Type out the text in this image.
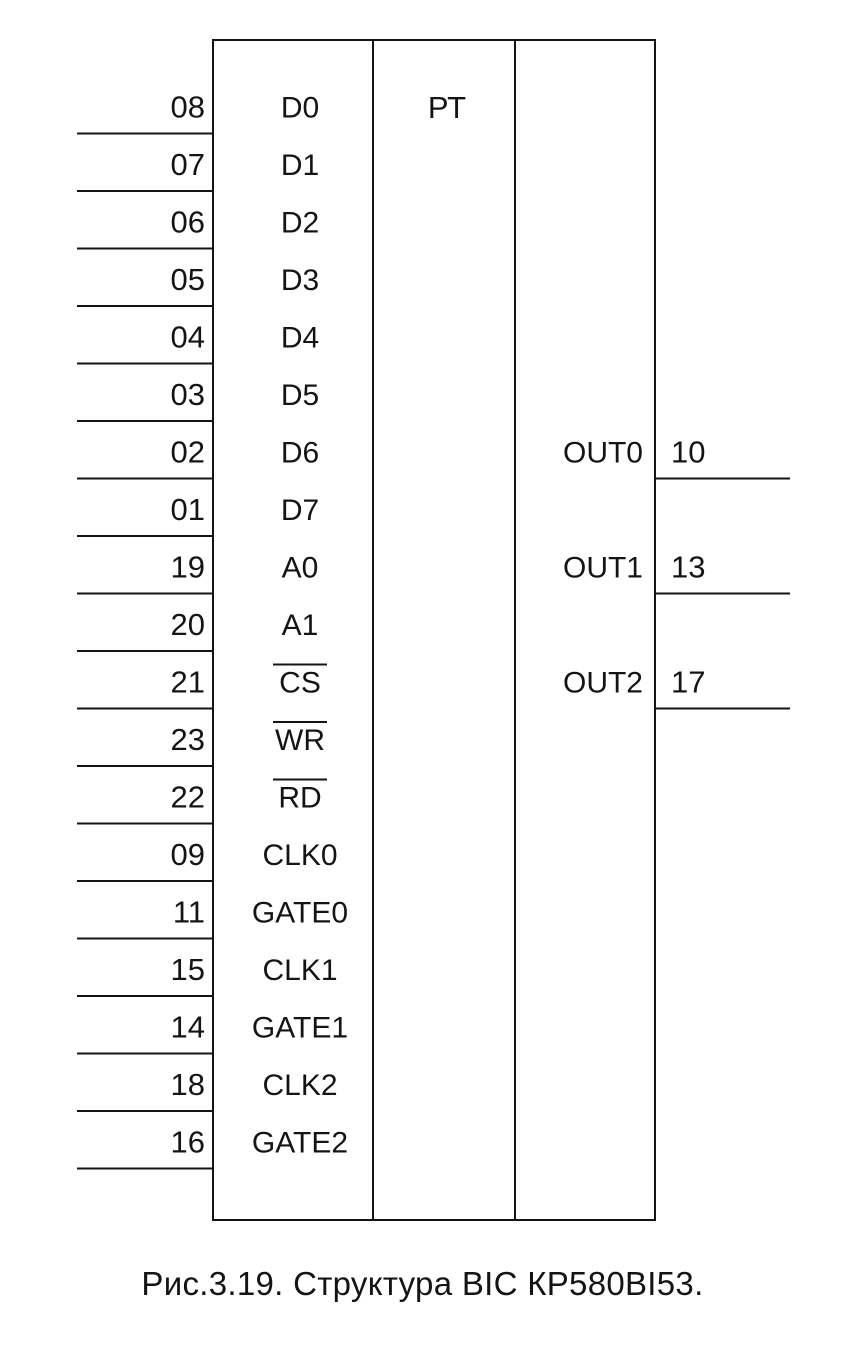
РТ
08	D0
07	D1
06	D2
05	D3
04	D4
03	D5
02	D6
01	D7
19	A0
20	A1
21 CS
23 WR
22 RD
09 CLK0
11 GATE0
15 CLK1
14 GATE1
18 CLK2
16 GATE2
OUT0 10
OUT1 13
OUT2 17
Рис.3.19. Структура ВІС КР580ВІ53.
